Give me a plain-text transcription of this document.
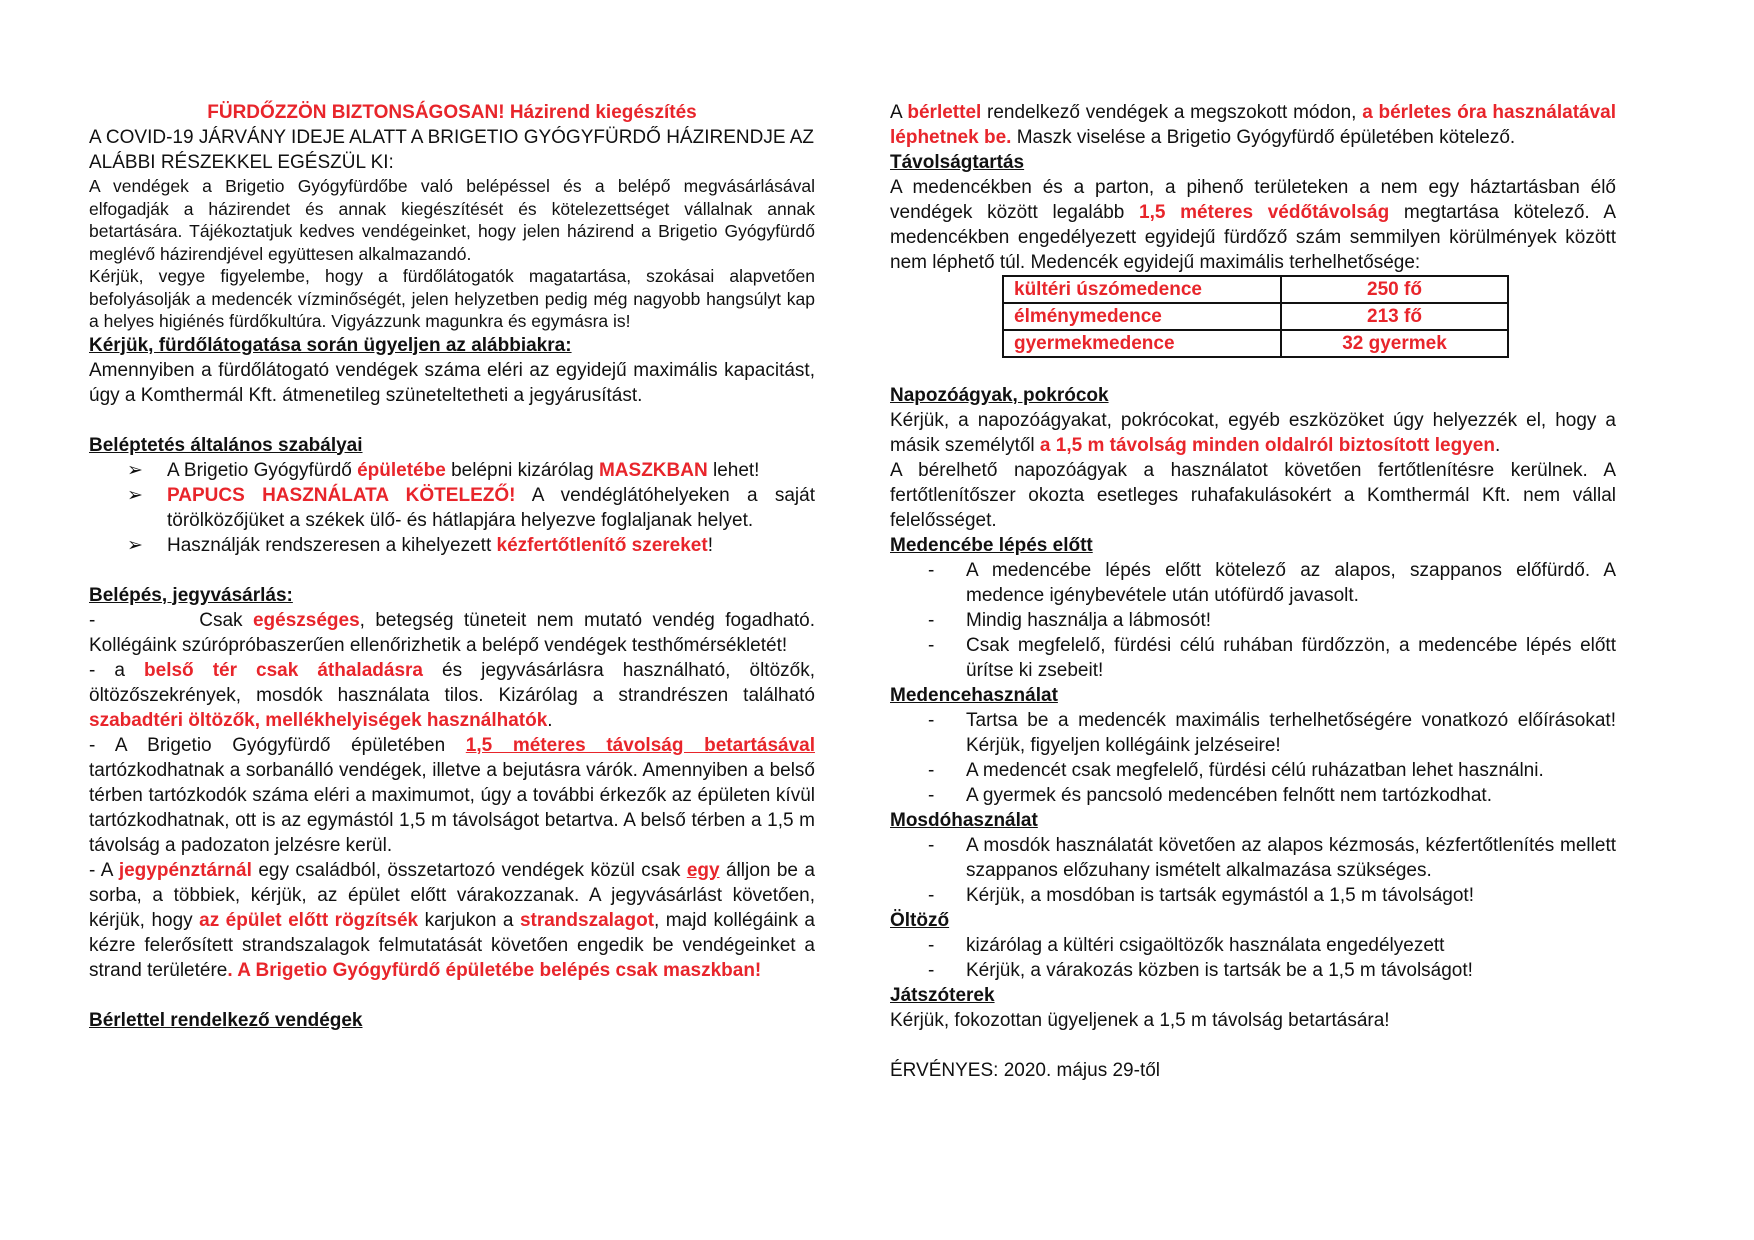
FÜRDŐZZÖN BIZTONSÁGOSAN! Házirend kiegészítés
A COVID-19 JÁRVÁNY IDEJE ALATT A BRIGETIO GYÓGYFÜRDŐ HÁZIRENDJE AZ ALÁBBI RÉSZEKKEL EGÉSZÜL KI:
A vendégek a Brigetio Gyógyfürdőbe való belépéssel és a belépő megvásárlásával elfogadják a házirendet és annak kiegészítését és kötelezettséget vállalnak annak betartására. Tájékoztatjuk kedves vendégeinket, hogy jelen házirend a Brigetio Gyógyfürdő meglévő házirendjével együttesen alkalmazandó.
Kérjük, vegye figyelembe, hogy a fürdőlátogatók magatartása, szokásai alapvetően befolyásolják a medencék vízminőségét, jelen helyzetben pedig még nagyobb hangsúlyt kap a helyes higiénés fürdőkultúra. Vigyázzunk magunkra és egymásra is!
Kérjük, fürdőlátogatása során ügyeljen az alábbiakra:
Amennyiben a fürdőlátogató vendégek száma eléri az egyidejű maximális kapacitást, úgy a Komthermál Kft. átmenetileg szüneteltetheti a jegyárusítást.
Beléptetés általános szabályai
➢ A Brigetio Gyógyfürdő épületébe belépni kizárólag MASZKBAN lehet!
➢ PAPUCS HASZNÁLATA KÖTELEZŐ! A vendéglátóhelyeken a saját törölközőjüket a székek ülő- és hátlapjára helyezve foglaljanak helyet.
➢ Használják rendszeresen a kihelyezett kézfertőtlenítő szereket!
Belépés, jegyvásárlás:
-          Csak egészséges, betegség tüneteit nem mutató vendég fogadható. Kollégáink szúrópróbaszerűen ellenőrizhetik a belépő vendégek testhőmérsékletét!
- a belső tér csak áthaladásra és jegyvásárlásra használható, öltözők, öltözőszekrények, mosdók használata tilos. Kizárólag a strandrészen található szabadtéri öltözők, mellékhelyiségek használhatók.
- A Brigetio Gyógyfürdő épületében 1,5 méteres távolság betartásával tartózkodhatnak a sorbanálló vendégek, illetve a bejutásra várók. Amennyiben a belső térben tartózkodók száma eléri a maximumot, úgy a további érkezők az épületen kívül tartózkodhatnak, ott is az egymástól 1,5 m távolságot betartva. A belső térben a 1,5 m távolság a padozaton jelzésre kerül.
- A jegypénztárnál egy családból, összetartozó vendégek közül csak egy álljon be a sorba, a többiek, kérjük, az épület előtt várakozzanak. A jegyvásárlást követően, kérjük, hogy az épület előtt rögzítsék karjukon a strandszalagot, majd kollégáink a kézre felerősített strandszalagok felmutatását követően engedik be vendégeinket a strand területére. A Brigetio Gyógyfürdő épületébe belépés csak maszkban!
Bérlettel rendelkező vendégek
A bérlettel rendelkező vendégek a megszokott módon, a bérletes óra használatával léphetnek be. Maszk viselése a Brigetio Gyógyfürdő épületében kötelező.
Távolságtartás
A medencékben és a parton, a pihenő területeken a nem egy háztartásban élő vendégek között legalább 1,5 méteres védőtávolság megtartása kötelező. A medencékben engedélyezett egyidejű fürdőző szám semmilyen körülmények között nem léphető túl. Medencék egyidejű maximális terhelhetősége:
kültéri úszómedence	250 fő
élménymedence	213 fő
gyermekmedence	32 gyermek
Napozóágyak, pokrócok
Kérjük, a napozóágyakat, pokrócokat, egyéb eszközöket úgy helyezzék el, hogy a másik személytől a 1,5 m távolság minden oldalról biztosított legyen.
A bérelhető napozóágyak a használatot követően fertőtlenítésre kerülnek. A fertőtlenítőszer okozta esetleges ruhafakulásokért a Komthermál Kft. nem vállal felelősséget.
Medencébe lépés előtt
- A medencébe lépés előtt kötelező az alapos, szappanos előfürdő. A medence igénybevétele után utófürdő javasolt.
- Mindig használja a lábmosót!
- Csak megfelelő, fürdési célú ruhában fürdőzzön, a medencébe lépés előtt ürítse ki zsebeit!
Medencehasználat
- Tartsa be a medencék maximális terhelhetőségére vonatkozó előírásokat! Kérjük, figyeljen kollégáink jelzéseire!
- A medencét csak megfelelő, fürdési célú ruházatban lehet használni.
- A gyermek és pancsoló medencében felnőtt nem tartózkodhat.
Mosdóhasználat
- A mosdók használatát követően az alapos kézmosás, kézfertőtlenítés mellett szappanos előzuhany ismételt alkalmazása szükséges.
- Kérjük, a mosdóban is tartsák egymástól a 1,5 m távolságot!
Öltöző
- kizárólag a kültéri csigaöltözők használata engedélyezett
- Kérjük, a várakozás közben is tartsák be a 1,5 m távolságot!
Játszóterek
Kérjük, fokozottan ügyeljenek a 1,5 m távolság betartására!
ÉRVÉNYES: 2020. május 29-től
